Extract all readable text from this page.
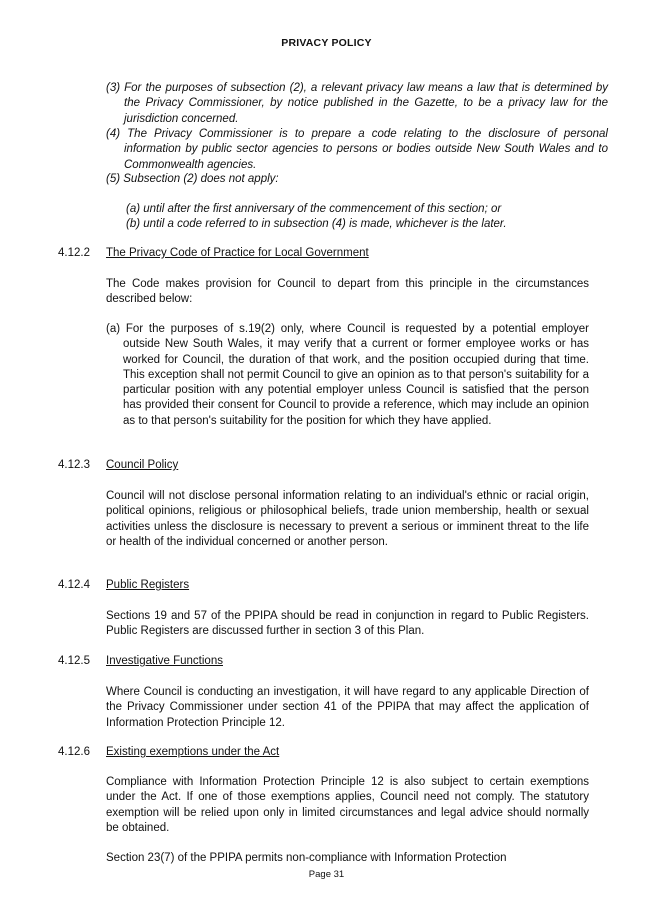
PRIVACY POLICY
(3) For the purposes of subsection (2), a relevant privacy law means a law that is determined by the Privacy Commissioner, by notice published in the Gazette, to be a privacy law for the jurisdiction concerned.
(4) The Privacy Commissioner is to prepare a code relating to the disclosure of personal information by public sector agencies to persons or bodies outside New South Wales and to Commonwealth agencies.
(5) Subsection (2) does not apply:
(a) until after the first anniversary of the commencement of this section; or
(b) until a code referred to in subsection (4) is made, whichever is the later.
4.12.2 The Privacy Code of Practice for Local Government
The Code makes provision for Council to depart from this principle in the circumstances described below:
(a) For the purposes of s.19(2) only, where Council is requested by a potential employer outside New South Wales, it may verify that a current or former employee works or has worked for Council, the duration of that work, and the position occupied during that time. This exception shall not permit Council to give an opinion as to that person's suitability for a particular position with any potential employer unless Council is satisfied that the person has provided their consent for Council to provide a reference, which may include an opinion as to that person's suitability for the position for which they have applied.
4.12.3 Council Policy
Council will not disclose personal information relating to an individual's ethnic or racial origin, political opinions, religious or philosophical beliefs, trade union membership, health or sexual activities unless the disclosure is necessary to prevent a serious or imminent threat to the life or health of the individual concerned or another person.
4.12.4 Public Registers
Sections 19 and 57 of the PPIPA should be read in conjunction in regard to Public Registers. Public Registers are discussed further in section 3 of this Plan.
4.12.5 Investigative Functions
Where Council is conducting an investigation, it will have regard to any applicable Direction of the Privacy Commissioner under section 41 of the PPIPA that may affect the application of Information Protection Principle 12.
4.12.6 Existing exemptions under the Act
Compliance with Information Protection Principle 12 is also subject to certain exemptions under the Act. If one of those exemptions applies, Council need not comply. The statutory exemption will be relied upon only in limited circumstances and legal advice should normally be obtained.
Section 23(7) of the PPIPA permits non-compliance with Information Protection
Page 31
